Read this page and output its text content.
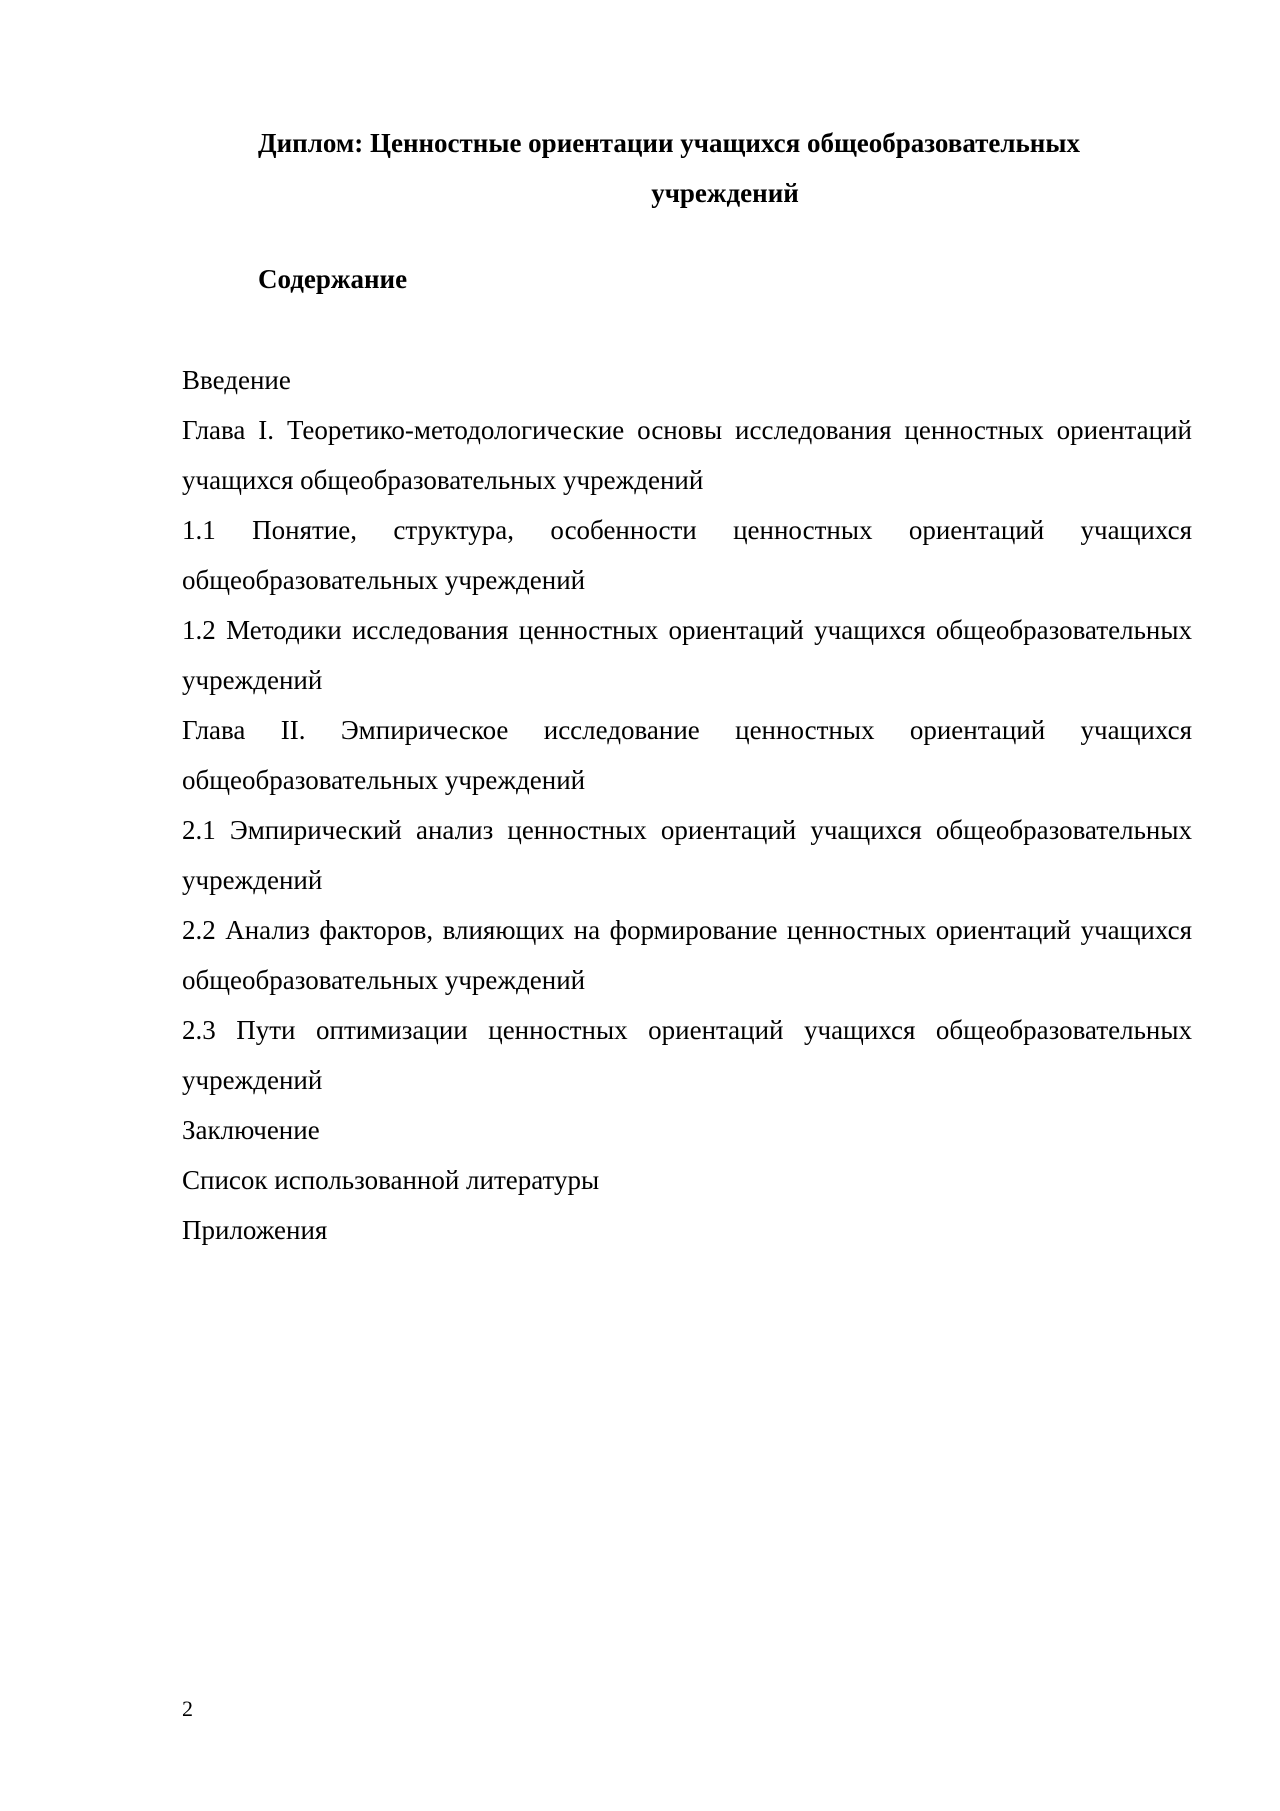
Диплом: Ценностные ориентации учащихся общеобразовательных
учреждений
Содержание
Введение
Глава I. Теоретико-методологические основы исследования ценностных ориентаций учащихся общеобразовательных учреждений
1.1 Понятие, структура, особенности ценностных ориентаций учащихся общеобразовательных учреждений
1.2 Методики исследования ценностных ориентаций учащихся общеобразовательных учреждений
Глава II. Эмпирическое исследование ценностных ориентаций учащихся общеобразовательных учреждений
2.1 Эмпирический анализ ценностных ориентаций учащихся общеобразовательных учреждений
2.2 Анализ факторов, влияющих на формирование ценностных ориентаций учащихся общеобразовательных учреждений
2.3 Пути оптимизации ценностных ориентаций учащихся общеобразовательных учреждений
Заключение
Список использованной литературы
Приложения
2
